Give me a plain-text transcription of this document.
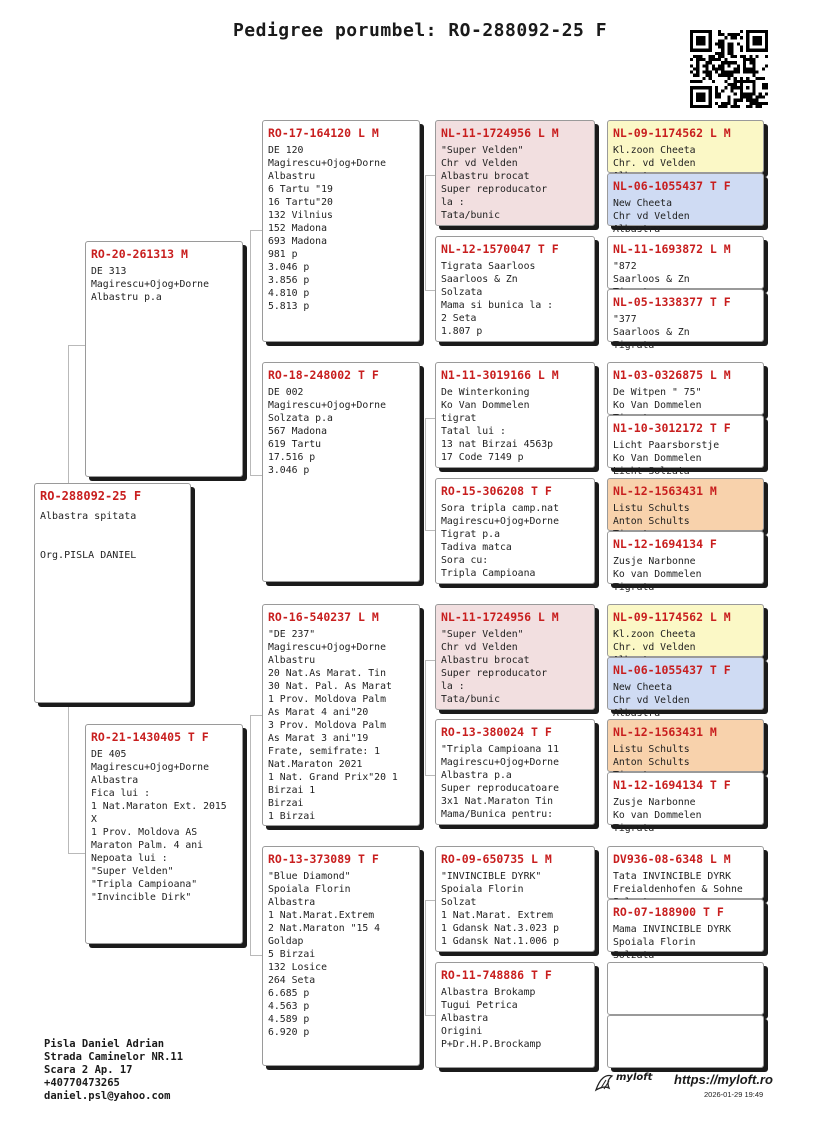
Pedigree porumbel: RO-288092-25 F
RO-288092-25 F
Albastra spitata
Org.PISLA DANIEL
RO-20-261313 M
DE 313
Magirescu+Ojog+Dorne
Albastru p.a
RO-21-1430405 T F
DE 405
Magirescu+Ojog+Dorne
Albastra
Fica lui :
1 Nat.Maraton Ext. 2015
X
1 Prov. Moldova AS
Maraton Palm. 4 ani
Nepoata lui :
"Super Velden"
"Tripla Campioana"
"Invincible Dirk"
RO-17-164120 L M
DE 120
Magirescu+Ojog+Dorne
Albastru
6 Tartu "19
16 Tartu"20
132 Vilnius
152 Madona
693 Madona
981 p
3.046 p
3.856 p
4.810 p
5.813 p
RO-18-248002 T F
DE 002
Magirescu+Ojog+Dorne
Solzata p.a
567 Madona
619 Tartu
17.516 p
3.046 p
RO-16-540237 L M
"DE 237"
Magirescu+Ojog+Dorne
Albastru
20 Nat.As Marat. Tin
30 Nat. Pal. As Marat
1 Prov. Moldova Palm
As Marat 4 ani"20
3 Prov. Moldova Palm
As Marat 3 ani"19
Frate, semifrate: 1
Nat.Maraton 2021
1 Nat. Grand Prix"20 1
Birzai 1
Birzai
1 Birzai
RO-13-373089 T F
"Blue Diamond"
Spoiala Florin
Albastra
1 Nat.Marat.Extrem
2 Nat.Maraton "15 4
Goldap
5 Birzai
132 Losice
264 Seta
6.685 p
4.563 p
4.589 p
6.920 p
NL-11-1724956 L M
"Super Velden"
Chr vd Velden
Albastru brocat
Super reproducator
la :
Tata/bunic
NL-12-1570047 T F
Tigrata Saarloos
Saarloos & Zn
Solzata
Mama si bunica la :
2 Seta
1.807 p
N1-11-3019166 L M
De Winterkoning
Ko Van Dommelen
tigrat
Tatal lui :
13 nat Birzai 4563p
17 Code 7149 p
RO-15-306208 T F
Sora tripla camp.nat
Magirescu+Ojog+Dorne
Tigrat p.a
Tadiva matca
Sora cu:
Tripla Campioana
NL-11-1724956 L M
"Super Velden"
Chr vd Velden
Albastru brocat
Super reproducator
la :
Tata/bunic
RO-13-380024 T F
"Tripla Campioana 11
Magirescu+Ojog+Dorne
Albastra p.a
Super reproducatoare
3x1 Nat.Maraton Tin
Mama/Bunica pentru:
RO-09-650735 L M
"INVINCIBLE DYRK"
Spoiala Florin
Solzat
1 Nat.Marat. Extrem
1 Gdansk Nat.3.023 p
1 Gdansk Nat.1.006 p
RO-11-748886 T F
Albastra Brokamp
Tugui Petrica
Albastra
Origini
P+Dr.H.P.Brockamp
NL-09-1174562 L M
Kl.zoon Cheeta
Chr. vd Velden
NL-06-1055437 T F
New Cheeta
Chr vd Velden
Albastra
NL-11-1693872 L M
"872
Saarloos & Zn
NL-05-1338377 T F
"377
Saarloos & Zn
Tigrata
N1-03-0326875 L M
De Witpen " 75"
Ko Van Dommelen
N1-10-3012172 T F
Licht Paarsborstje
Ko Van Dommelen
Licht Solzata
NL-12-1563431 M
Listu Schults
Anton Schults
NL-12-1694134 F
Zusje Narbonne
Ko van Dommelen
Tigrata
NL-09-1174562 L M
Kl.zoon Cheeta
Chr. vd Velden
NL-06-1055437 T F
New Cheeta
Chr vd Velden
Albastra
NL-12-1563431 M
Listu Schults
Anton Schults
N1-12-1694134 T F
Zusje Narbonne
Ko van Dommelen
Tigrata
DV936-08-6348 L M
Tata INVINCIBLE DYRK
Freialdenhofen & Sohne
RO-07-188900 T F
Mama INVINCIBLE DYRK
Spoiala Florin
Solzata
Pisla Daniel Adrian
Strada Caminelor NR.11
Scara 2 Ap. 17
+40770473265
daniel.psl@yahoo.com
myloft https://myloft.ro
2026-01-29 19:49
